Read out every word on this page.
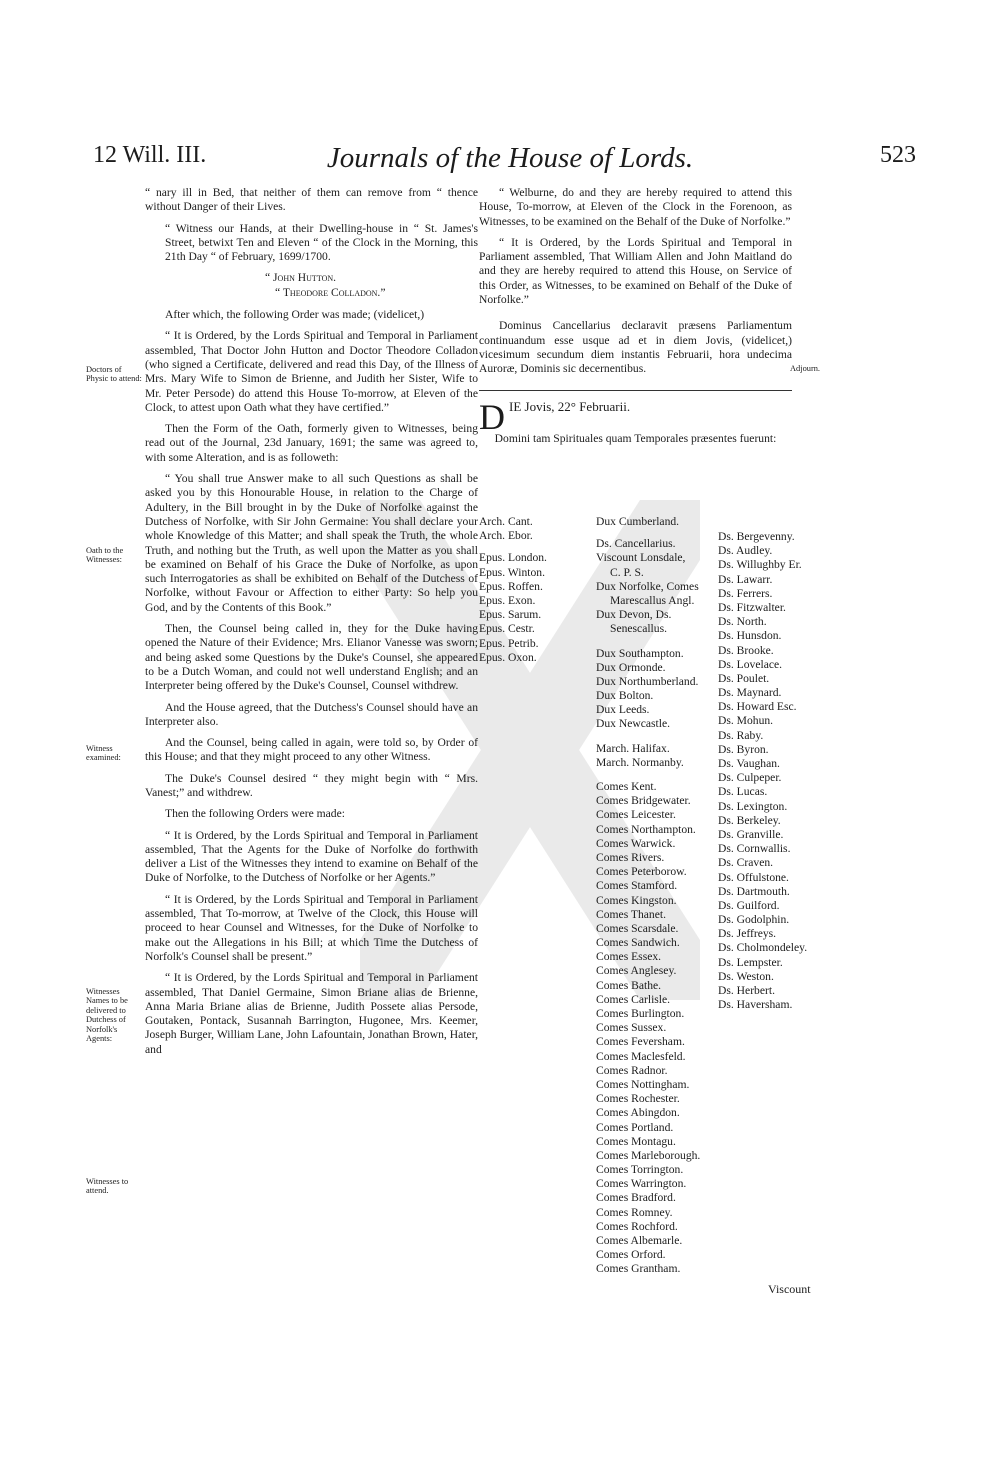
12 Will. III.	Journals of the House of Lords.	523
Doctors of Physic to attend:
Oath to the Witnesses:
Witness examined:
Witnesses Names to be delivered to Dutchess of Norfolk's Agents:
Witnesses to attend.
Adjourn.

“ nary ill in Bed, that neither of them can remove from “ thence without Danger of their Lives.

“ Witness our Hands, at their Dwelling-house in “ St. James's Street, betwixt Ten and Eleven “ of the Clock in the Morning, this 21th Day “ of February, 1699/1700.

“ John Hutton.
“ Theodore Colladon.”

After which, the following Order was made; (videlicet,)

“ It is Ordered, by the Lords Spiritual and Temporal in Parliament assembled, That Doctor John Hutton and Doctor Theodore Colladon (who signed a Certificate, delivered and read this Day, of the Illness of Mrs. Mary Wife to Simon de Brienne, and Judith her Sister, Wife to Mr. Peter Persode) do attend this House To-morrow, at Eleven of the Clock, to attest upon Oath what they have certified.”

Then the Form of the Oath, formerly given to Witnesses, being read out of the Journal, 23d January, 1691; the same was agreed to, with some Alteration, and is as followeth:

“ You shall true Answer make to all such Questions as shall be asked you by this Honourable House, in relation to the Charge of Adultery, in the Bill brought in by the Duke of Norfolke against the Dutchess of Norfolke, with Sir John Germaine: You shall declare your whole Knowledge of this Matter; and shall speak the Truth, the whole Truth, and nothing but the Truth, as well upon the Matter as you shall be examined on Behalf of his Grace the Duke of Norfolke, as upon such Interrogatories as shall be exhibited on Behalf of the Dutchess of Norfolke, without Favour or Affection to either Party: So help you God, and by the Contents of this Book.”

Then, the Counsel being called in, they for the Duke having opened the Nature of their Evidence; Mrs. Elianor Vanesse was sworn; and being asked some Questions by the Duke's Counsel, she appeared to be a Dutch Woman, and could not well understand English; and an Interpreter being offered by the Duke's Counsel, Counsel withdrew.

And the House agreed, that the Dutchess's Counsel should have an Interpreter also.

And the Counsel, being called in again, were told so, by Order of this House; and that they might proceed to any other Witness.

The Duke's Counsel desired “ they might begin with “ Mrs. Vanest;” and withdrew.

Then the following Orders were made:

“ It is Ordered, by the Lords Spiritual and Temporal in Parliament assembled, That the Agents for the Duke of Norfolke do forthwith deliver a List of the Witnesses they intend to examine on Behalf of the Duke of Norfolke, to the Dutchess of Norfolke or her Agents.”

“ It is Ordered, by the Lords Spiritual and Temporal in Parliament assembled, That To-morrow, at Twelve of the Clock, this House will proceed to hear Counsel and Witnesses, for the Duke of Norfolke to make out the Allegations in his Bill; at which Time the Dutchess of Norfolk's Counsel shall be present.”

“ It is Ordered, by the Lords Spiritual and Temporal in Parliament assembled, That Daniel Germaine, Simon Briane alias de Brienne, Anna Maria Briane alias de Brienne, Judith Possete alias Persode, Goutaken, Pontack, Susannah Barrington, Hugonee, Mrs. Keemer, Joseph Burger, William Lane, John Lafountain, Jonathan Brown, Hater, and

“ Welburne, do and they are hereby required to attend this House, To-morrow, at Eleven of the Clock in the Forenoon, as Witnesses, to be examined on the Behalf of the Duke of Norfolke.”

“ It is Ordered, by the Lords Spiritual and Temporal in Parliament assembled, That William Allen and John Maitland do and they are hereby required to attend this House, on Service of this Order, as Witnesses, to be examined on Behalf of the Duke of Norfolke.”

Dominus Cancellarius declaravit præsens Parliamentum continuandum esse usque ad et in diem Jovis, (videlicet,) vicesimum secundum diem instantis Februarii, hora undecima Auroræ, Dominis sic decernentibus.

D IE Jovis, 22° Februarii.
Domini tam Spirituales quam Temporales præsentes fuerunt:
Arch. Cant.
Arch. Ebor.
Epus. London.
Epus. Winton.
Epus. Roffen.
Epus. Exon.
Epus. Sarum.
Epus. Cestr.
Epus. Petrib.
Epus. Oxon.
Dux Cumberland.
Ds. Cancellarius.
Viscount Lonsdale,
C. P. S.
Dux Norfolke, Comes
Marescallus Angl.
Dux Devon, Ds.
Senescallus.
Dux Southampton.
Dux Ormonde.
Dux Northumberland.
Dux Bolton.
Dux Leeds.
Dux Newcastle.
March. Halifax.
March. Normanby.
Comes Kent.
Comes Bridgewater.
Comes Leicester.
Comes Northampton.
Comes Warwick.
Comes Rivers.
Comes Peterborow.
Comes Stamford.
Comes Kingston.
Comes Thanet.
Comes Scarsdale.
Comes Sandwich.
Comes Essex.
Comes Anglesey.
Comes Bathe.
Comes Carlisle.
Comes Burlington.
Comes Sussex.
Comes Feversham.
Comes Maclesfeld.
Comes Radnor.
Comes Nottingham.
Comes Rochester.
Comes Abingdon.
Comes Portland.
Comes Montagu.
Comes Marleborough.
Comes Torrington.
Comes Warrington.
Comes Bradford.
Comes Romney.
Comes Rochford.
Comes Albemarle.
Comes Orford.
Comes Grantham.
Ds. Bergevenny.
Ds. Audley.
Ds. Willughby Er.
Ds. Lawarr.
Ds. Ferrers.
Ds. Fitzwalter.
Ds. North.
Ds. Hunsdon.
Ds. Brooke.
Ds. Lovelace.
Ds. Poulet.
Ds. Maynard.
Ds. Howard Esc.
Ds. Mohun.
Ds. Raby.
Ds. Byron.
Ds. Vaughan.
Ds. Culpeper.
Ds. Lucas.
Ds. Lexington.
Ds. Berkeley.
Ds. Granville.
Ds. Cornwallis.
Ds. Craven.
Ds. Offulstone.
Ds. Dartmouth.
Ds. Guilford.
Ds. Godolphin.
Ds. Jeffreys.
Ds. Cholmondeley.
Ds. Lempster.
Ds. Weston.
Ds. Herbert.
Ds. Haversham.
Viscount
